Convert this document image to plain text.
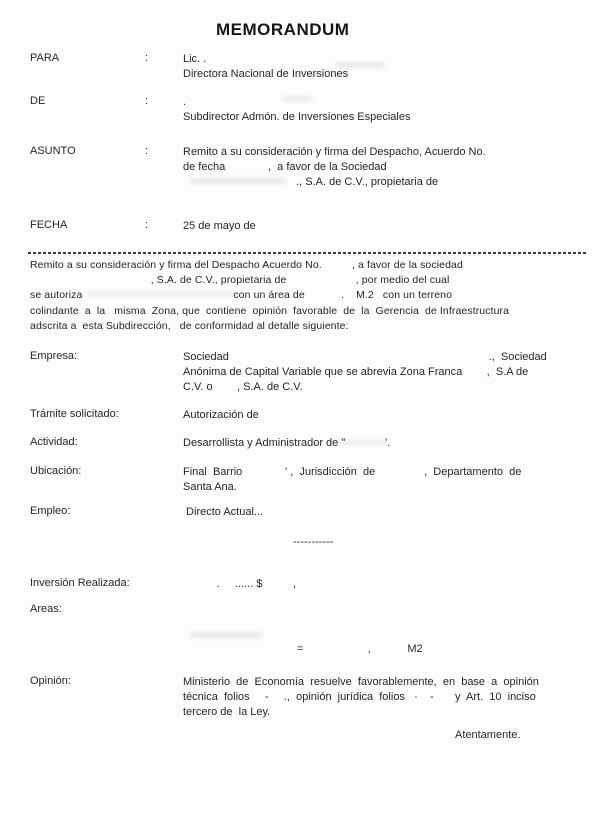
MEMORANDUM
PARA	:	Lic. .
Directora Nacional de Inversiones
DE	:	.
Subdirector Admón. de Inversiones Especiales
ASUNTO	:	Remito a su consideración y firma del Despacho, Acuerdo No.
de fecha              ,  a favor de la Sociedad
., S.A. de C.V., propietaria de
FECHA	:	25 de mayo de
Remito a su consideración y firma del Despacho Acuerdo No.          , a favor de la sociedad
, S.A. de C.V., propietaria de                       , por medio del cual
se autoriza                                                  con un área de            .    M.2   con un terreno
colindante  a  la   misma  Zona, que  contiene  opinión  favorable  de  la  Gerencia  de Infraestructura
adscrita a  esta Subdirección,   de conformidad al detalle siguiente:
Empresa:	Sociedad                                                                                     .,  Sociedad
Anónima de Capital Variable que se abrevia Zona Franca        ,  S.A de
C.V. o        , S.A. de C.V.
Trámite solicitado:	Autorización de
Actividad:	Desarrollista y Administrador de "             '.
Ubicación:	Final  Barrio              ' ,  Jurisdicción  de                ,  Departamento  de
Santa Ana.
Empleo:	Directo Actual...
-----------
Inversión Realizada:	.     ...... $          ,
Areas:
=                     ,            M2
Opinión:	Ministerio  de  Economía  resuelve  favorablemente,  en  base  a  opinión
técnica  folios     -     .,  opinión  jurídica  folios   ·    -       y  Art.  10  inciso
tercero de  la Ley.
Atentamente.
